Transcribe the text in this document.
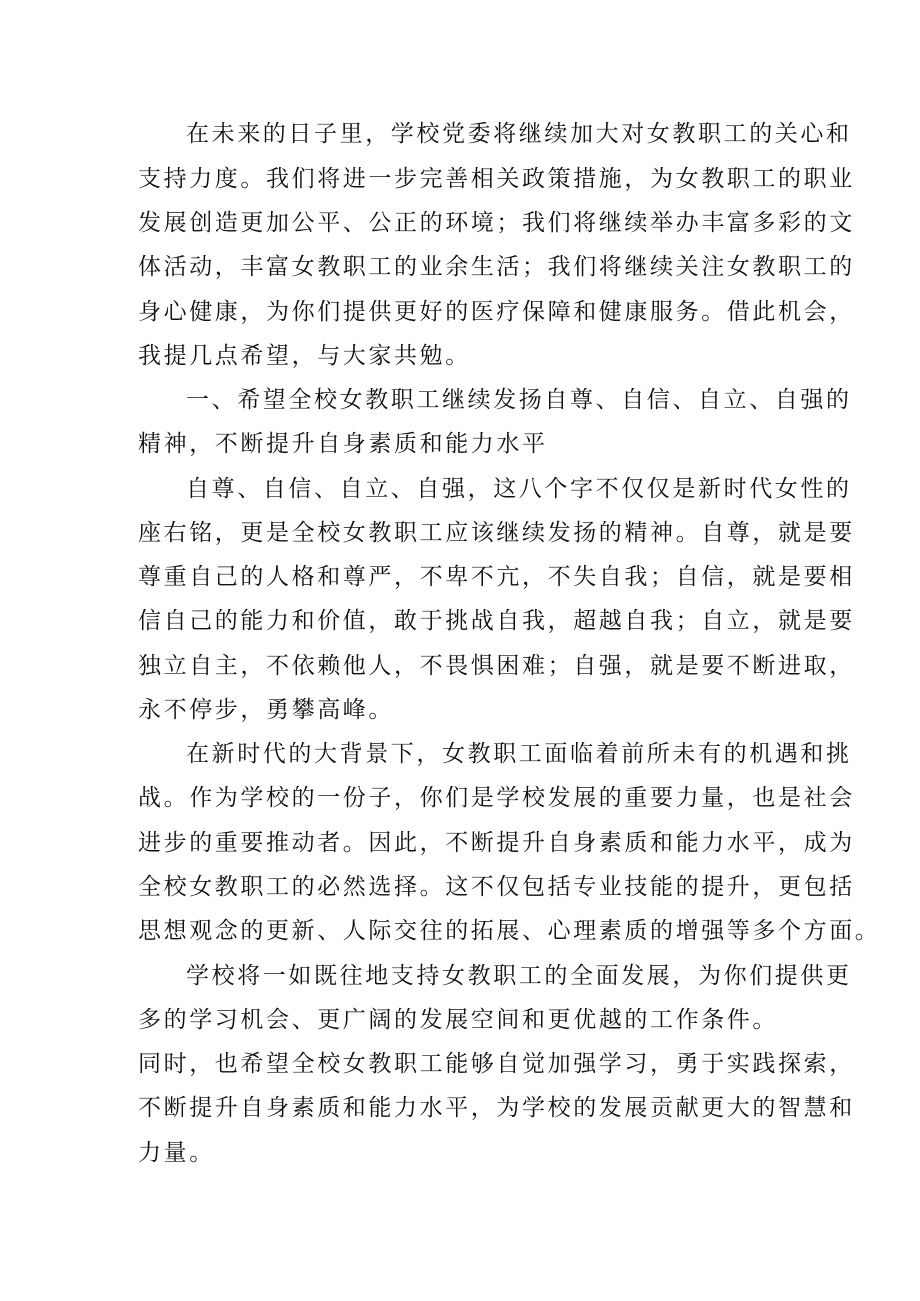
在未来的日子里，学校党委将继续加大对女教职工的关心和

支持力度。我们将进一步完善相关政策措施，为女教职工的职业

发展创造更加公平、公正的环境；我们将继续举办丰富多彩的文

体活动，丰富女教职工的业余生活；我们将继续关注女教职工的

身心健康，为你们提供更好的医疗保障和健康服务。借此机会，

我提几点希望，与大家共勉。

一、希望全校女教职工继续发扬自尊、自信、自立、自强的

精神，不断提升自身素质和能力水平

自尊、自信、自立、自强，这八个字不仅仅是新时代女性的

座右铭，更是全校女教职工应该继续发扬的精神。自尊，就是要

尊重自己的人格和尊严，不卑不亢，不失自我；自信，就是要相

信自己的能力和价值，敢于挑战自我，超越自我；自立，就是要

独立自主，不依赖他人，不畏惧困难；自强，就是要不断进取，

永不停步，勇攀高峰。

在新时代的大背景下，女教职工面临着前所未有的机遇和挑

战。作为学校的一份子，你们是学校发展的重要力量，也是社会

进步的重要推动者。因此，不断提升自身素质和能力水平，成为

全校女教职工的必然选择。这不仅包括专业技能的提升，更包括

思想观念的更新、人际交往的拓展、心理素质的增强等多个方面。

学校将一如既往地支持女教职工的全面发展，为你们提供更

多的学习机会、更广阔的发展空间和更优越的工作条件。

同时，也希望全校女教职工能够自觉加强学习，勇于实践探索，

不断提升自身素质和能力水平，为学校的发展贡献更大的智慧和

力量。
